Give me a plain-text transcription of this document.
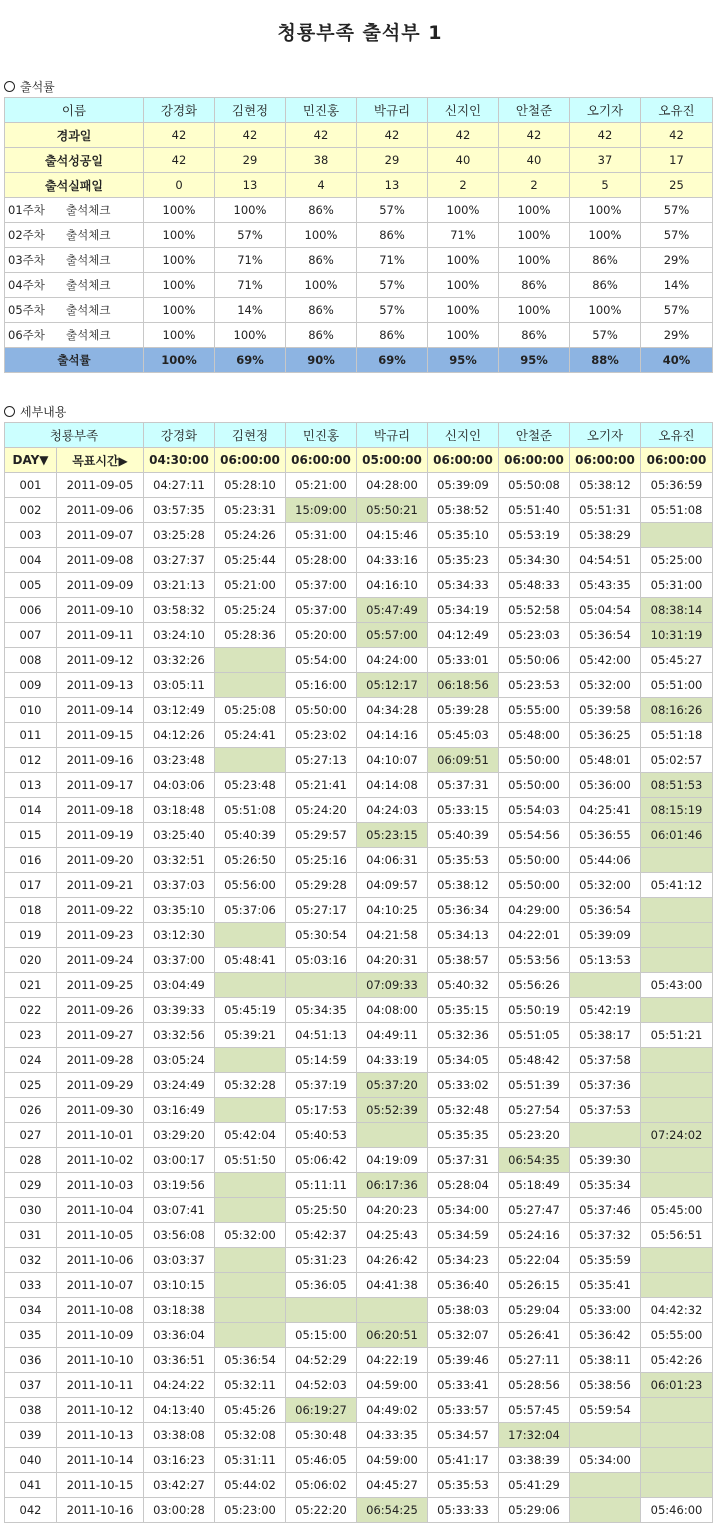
청룡부족 출석부 1
출석률
이름	강경화	김현정	민진홍	박규리	신지인	안철준	오기자	오유진
경과일	42	42	42	42	42	42	42	42
출석성공일	42	29	38	29	40	40	37	17
출석실패일	0	13	4	13	2	2	5	25
01주차 출석체크	100%	100%	86%	57%	100%	100%	100%	57%
02주차 출석체크	100%	57%	100%	86%	71%	100%	100%	57%
03주차 출석체크	100%	71%	86%	71%	100%	100%	86%	29%
04주차 출석체크	100%	71%	100%	57%	100%	86%	86%	14%
05주차 출석체크	100%	14%	86%	57%	100%	100%	100%	57%
06주차 출석체크	100%	100%	86%	86%	100%	86%	57%	29%
출석률	100%	69%	90%	69%	95%	95%	88%	40%
세부내용
청룡부족		강경화	김현정	민진홍	박규리	신지인	안철준	오기자	오유진
DAY▼	목표시간▶	04:30:00	06:00:00	06:00:00	05:00:00	06:00:00	06:00:00	06:00:00	06:00:00
001	2011-09-05	04:27:11	05:28:10	05:21:00	04:28:00	05:39:09	05:50:08	05:38:12	05:36:59
002	2011-09-06	03:57:35	05:23:31	15:09:00	05:50:21	05:38:52	05:51:40	05:51:31	05:51:08
003	2011-09-07	03:25:28	05:24:26	05:31:00	04:15:46	05:35:10	05:53:19	05:38:29	
004	2011-09-08	03:27:37	05:25:44	05:28:00	04:33:16	05:35:23	05:34:30	04:54:51	05:25:00
005	2011-09-09	03:21:13	05:21:00	05:37:00	04:16:10	05:34:33	05:48:33	05:43:35	05:31:00
006	2011-09-10	03:58:32	05:25:24	05:37:00	05:47:49	05:34:19	05:52:58	05:04:54	08:38:14
007	2011-09-11	03:24:10	05:28:36	05:20:00	05:57:00	04:12:49	05:23:03	05:36:54	10:31:19
008	2011-09-12	03:32:26		05:54:00	04:24:00	05:33:01	05:50:06	05:42:00	05:45:27
009	2011-09-13	03:05:11		05:16:00	05:12:17	06:18:56	05:23:53	05:32:00	05:51:00
010	2011-09-14	03:12:49	05:25:08	05:50:00	04:34:28	05:39:28	05:55:00	05:39:58	08:16:26
011	2011-09-15	04:12:26	05:24:41	05:23:02	04:14:16	05:45:03	05:48:00	05:36:25	05:51:18
012	2011-09-16	03:23:48		05:27:13	04:10:07	06:09:51	05:50:00	05:48:01	05:02:57
013	2011-09-17	04:03:06	05:23:48	05:21:41	04:14:08	05:37:31	05:50:00	05:36:00	08:51:53
014	2011-09-18	03:18:48	05:51:08	05:24:20	04:24:03	05:33:15	05:54:03	04:25:41	08:15:19
015	2011-09-19	03:25:40	05:40:39	05:29:57	05:23:15	05:40:39	05:54:56	05:36:55	06:01:46
016	2011-09-20	03:32:51	05:26:50	05:25:16	04:06:31	05:35:53	05:50:00	05:44:06	
017	2011-09-21	03:37:03	05:56:00	05:29:28	04:09:57	05:38:12	05:50:00	05:32:00	05:41:12
018	2011-09-22	03:35:10	05:37:06	05:27:17	04:10:25	05:36:34	04:29:00	05:36:54	
019	2011-09-23	03:12:30		05:30:54	04:21:58	05:34:13	04:22:01	05:39:09	
020	2011-09-24	03:37:00	05:48:41	05:03:16	04:20:31	05:38:57	05:53:56	05:13:53	
021	2011-09-25	03:04:49			07:09:33	05:40:32	05:56:26		05:43:00
022	2011-09-26	03:39:33	05:45:19	05:34:35	04:08:00	05:35:15	05:50:19	05:42:19	
023	2011-09-27	03:32:56	05:39:21	04:51:13	04:49:11	05:32:36	05:51:05	05:38:17	05:51:21
024	2011-09-28	03:05:24		05:14:59	04:33:19	05:34:05	05:48:42	05:37:58	
025	2011-09-29	03:24:49	05:32:28	05:37:19	05:37:20	05:33:02	05:51:39	05:37:36	
026	2011-09-30	03:16:49		05:17:53	05:52:39	05:32:48	05:27:54	05:37:53	
027	2011-10-01	03:29:20	05:42:04	05:40:53		05:35:35	05:23:20		07:24:02
028	2011-10-02	03:00:17	05:51:50	05:06:42	04:19:09	05:37:31	06:54:35	05:39:30	
029	2011-10-03	03:19:56		05:11:11	06:17:36	05:28:04	05:18:49	05:35:34	
030	2011-10-04	03:07:41		05:25:50	04:20:23	05:34:00	05:27:47	05:37:46	05:45:00
031	2011-10-05	03:56:08	05:32:00	05:42:37	04:25:43	05:34:59	05:24:16	05:37:32	05:56:51
032	2011-10-06	03:03:37		05:31:23	04:26:42	05:34:23	05:22:04	05:35:59	
033	2011-10-07	03:10:15		05:36:05	04:41:38	05:36:40	05:26:15	05:35:41	
034	2011-10-08	03:18:38				05:38:03	05:29:04	05:33:00	04:42:32
035	2011-10-09	03:36:04		05:15:00	06:20:51	05:32:07	05:26:41	05:36:42	05:55:00
036	2011-10-10	03:36:51	05:36:54	04:52:29	04:22:19	05:39:46	05:27:11	05:38:11	05:42:26
037	2011-10-11	04:24:22	05:32:11	04:52:03	04:59:00	05:33:41	05:28:56	05:38:56	06:01:23
038	2011-10-12	04:13:40	05:45:26	06:19:27	04:49:02	05:33:57	05:57:45	05:59:54	
039	2011-10-13	03:38:08	05:32:08	05:30:48	04:33:35	05:34:57	17:32:04		
040	2011-10-14	03:16:23	05:31:11	05:46:05	04:59:00	05:41:17	03:38:39	05:34:00	
041	2011-10-15	03:42:27	05:44:02	05:06:02	04:45:27	05:35:53	05:41:29		
042	2011-10-16	03:00:28	05:23:00	05:22:20	06:54:25	05:33:33	05:29:06		05:46:00
